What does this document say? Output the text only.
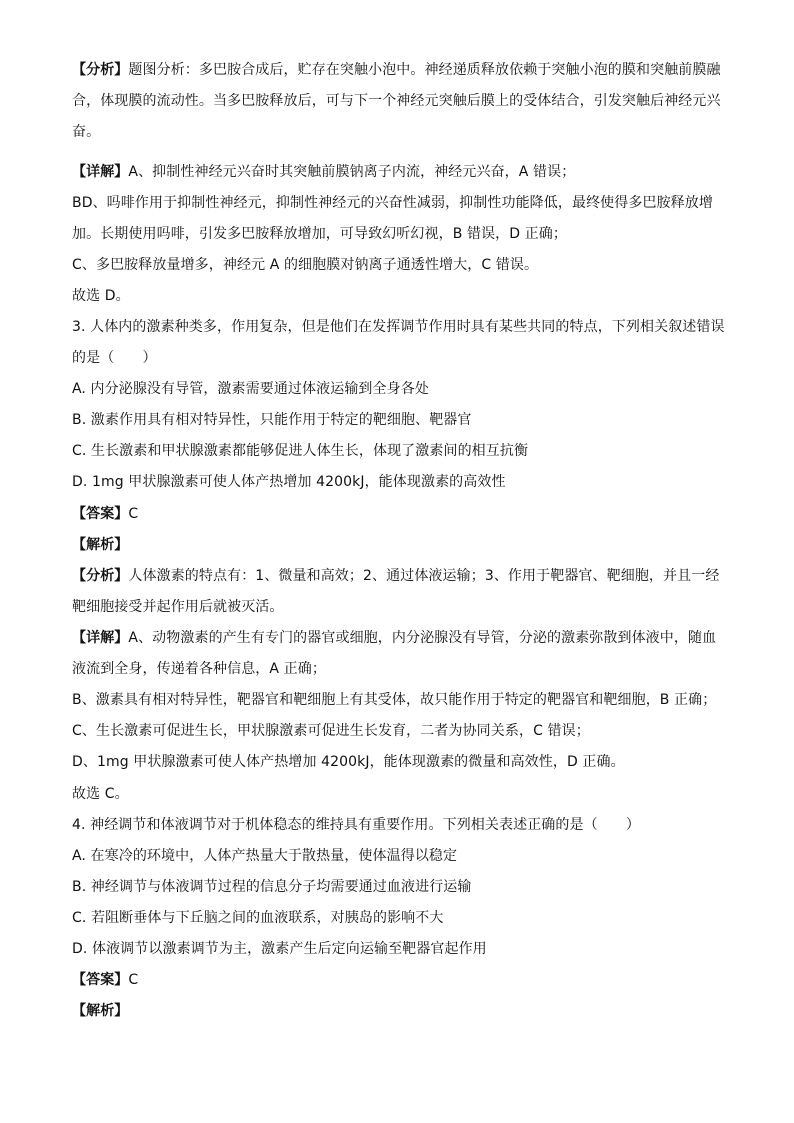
【分析】题图分析：多巴胺合成后，贮存在突触小泡中。神经递质释放依赖于突触小泡的膜和突触前膜融

合，体现膜的流动性。当多巴胺释放后，可与下一个神经元突触后膜上的受体结合，引发突触后神经元兴

奋。

【详解】A、抑制性神经元兴奋时其突触前膜钠离子内流，神经元兴奋，A 错误；

BD、吗啡作用于抑制性神经元，抑制性神经元的兴奋性减弱，抑制性功能降低，最终使得多巴胺释放增

加。长期使用吗啡，引发多巴胺释放增加，可导致幻听幻视，B 错误，D 正确；

C、多巴胺释放量增多，神经元 A 的细胞膜对钠离子通透性增大，C 错误。

故选 D。

3. 人体内的激素种类多，作用复杂，但是他们在发挥调节作用时具有某些共同的特点，下列相关叙述错误

的是（　　）

A. 内分泌腺没有导管，激素需要通过体液运输到全身各处

B. 激素作用具有相对特异性，只能作用于特定的靶细胞、靶器官

C. 生长激素和甲状腺激素都能够促进人体生长，体现了激素间的相互抗衡

D. 1mg 甲状腺激素可使人体产热增加 4200kJ，能体现激素的高效性

【答案】C

【解析】

【分析】人体激素的特点有：1、微量和高效；2、通过体液运输；3、作用于靶器官、靶细胞，并且一经

靶细胞接受并起作用后就被灭活。

【详解】A、动物激素的产生有专门的器官或细胞，内分泌腺没有导管，分泌的激素弥散到体液中，随血

液流到全身，传递着各种信息，A 正确；

B、激素具有相对特异性，靶器官和靶细胞上有其受体，故只能作用于特定的靶器官和靶细胞，B 正确；

C、生长激素可促进生长，甲状腺激素可促进生长发育，二者为协同关系，C 错误；

D、1mg 甲状腺激素可使人体产热增加 4200kJ，能体现激素的微量和高效性，D 正确。

故选 C。

4. 神经调节和体液调节对于机体稳态的维持具有重要作用。下列相关表述正确的是（　　）

A. 在寒冷的环境中，人体产热量大于散热量，使体温得以稳定

B. 神经调节与体液调节过程的信息分子均需要通过血液进行运输

C. 若阻断垂体与下丘脑之间的血液联系，对胰岛的影响不大

D. 体液调节以激素调节为主，激素产生后定向运输至靶器官起作用

【答案】C

【解析】
